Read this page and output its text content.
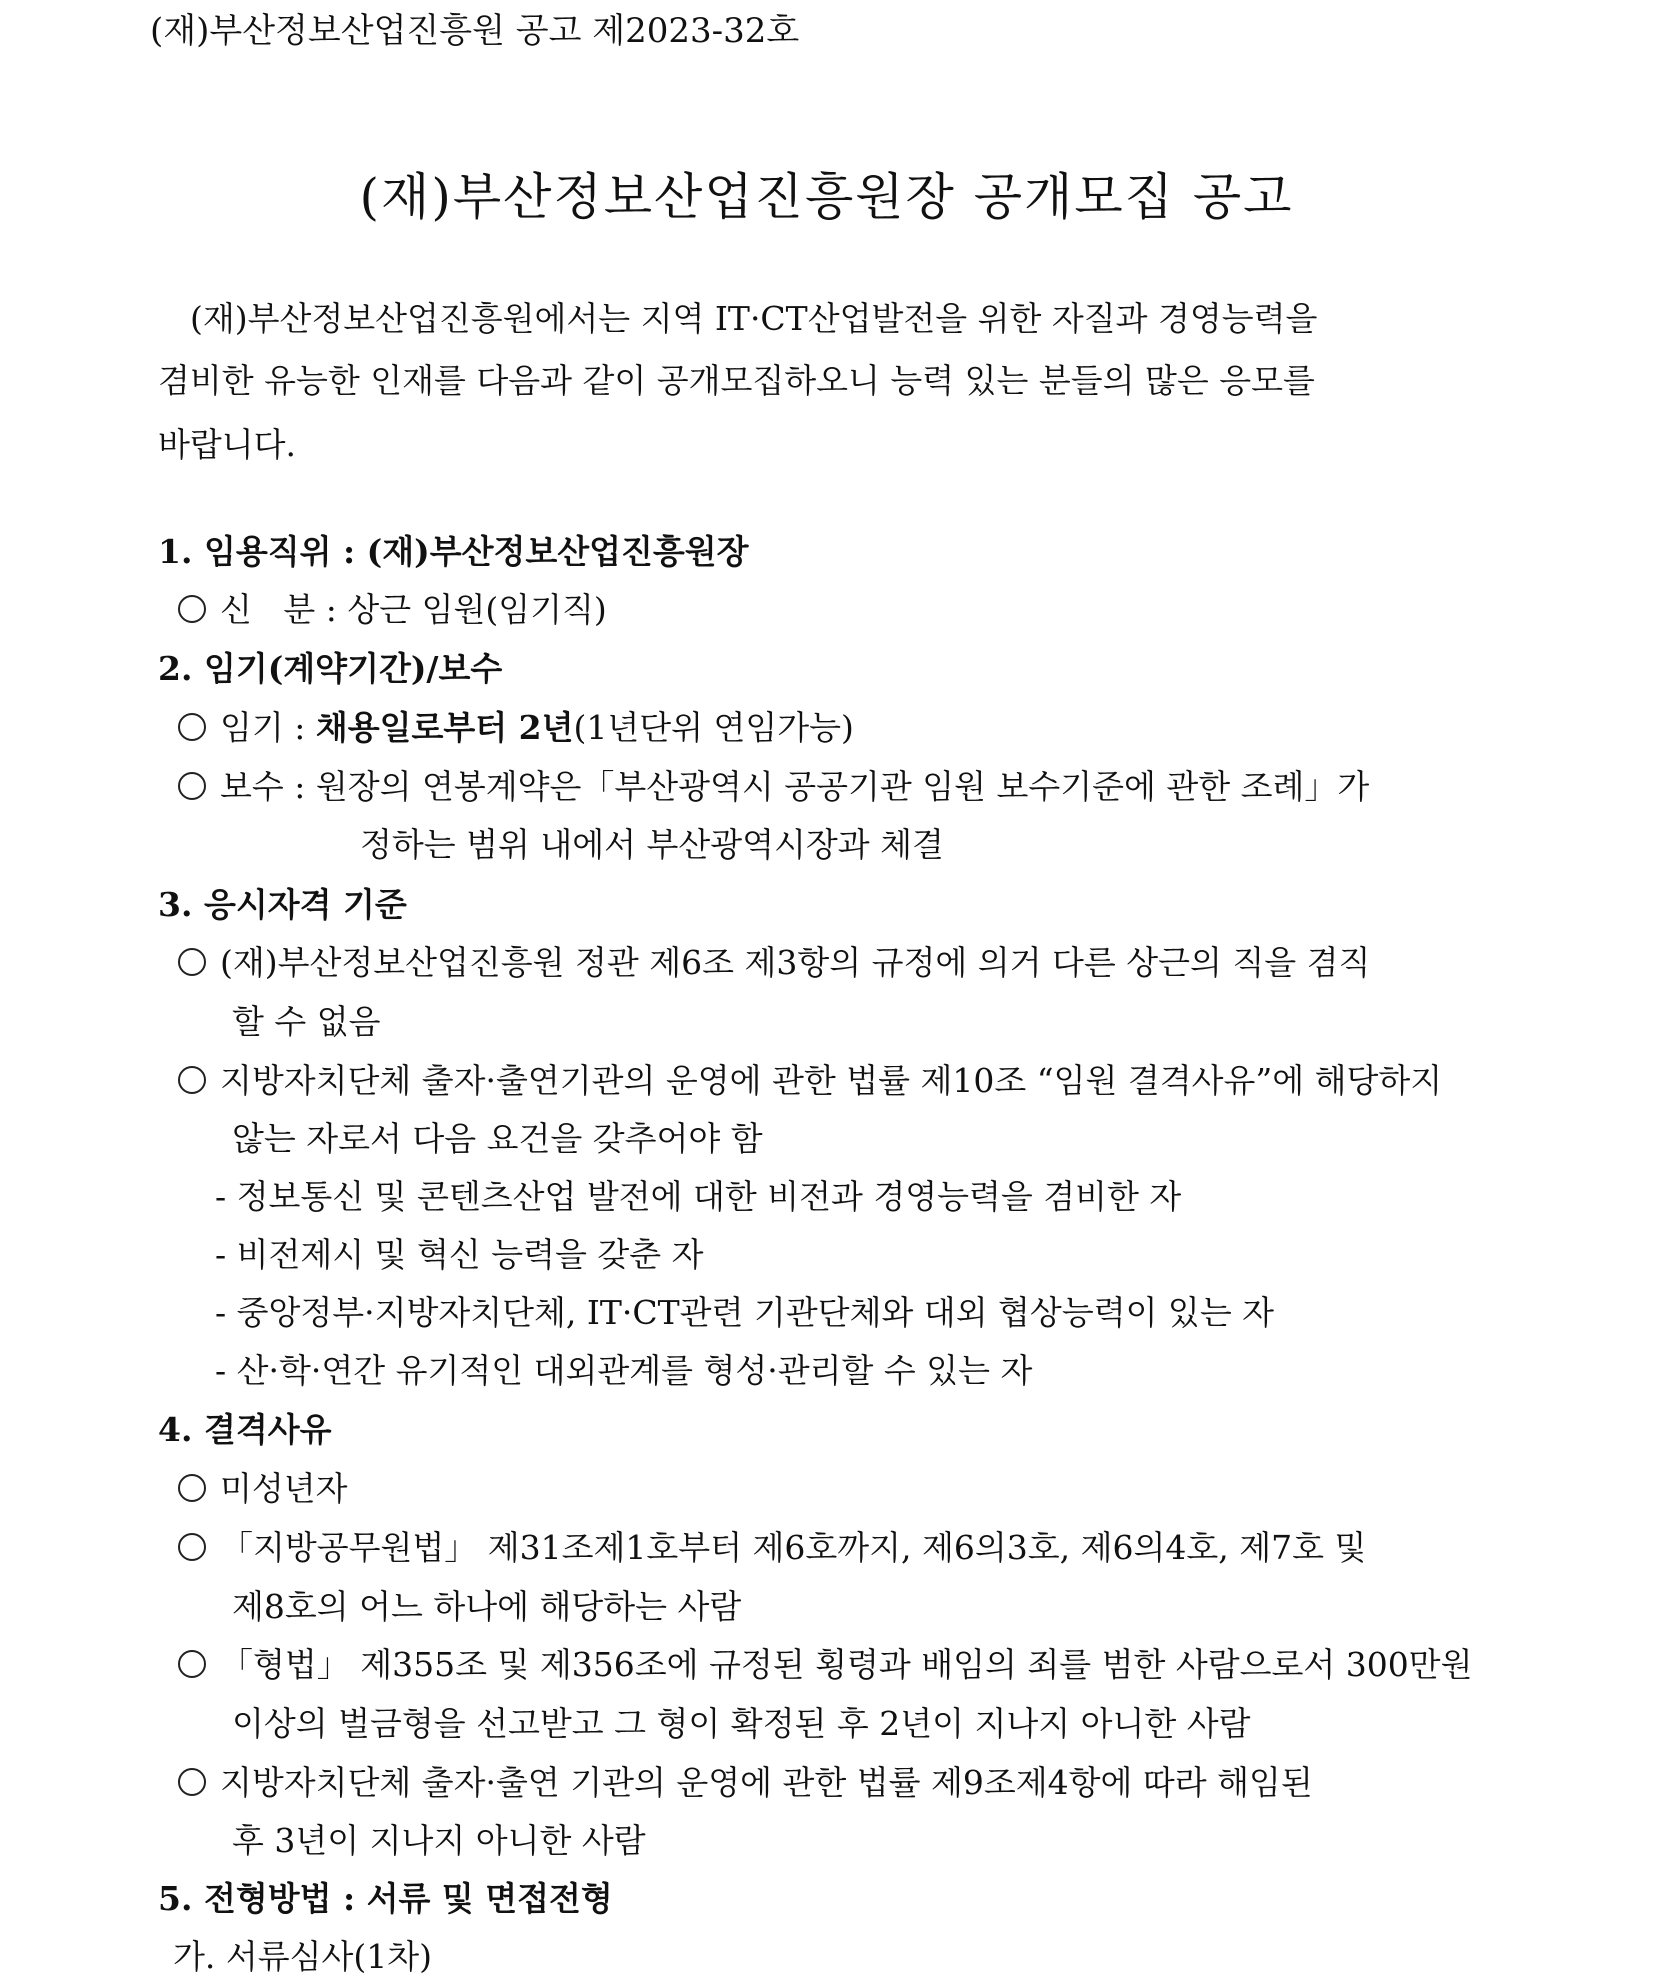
(재)부산정보산업진흥원 공고 제2023-32호
(재)부산정보산업진흥원장 공개모집 공고
(재)부산정보산업진흥원에서는 지역 IT·CT산업발전을 위한 자질과 경영능력을
겸비한 유능한 인재를 다음과 같이 공개모집하오니 능력 있는 분들의 많은 응모를
바랍니다.
1. 임용직위 : (재)부산정보산업진흥원장
신   분 : 상근 임원(임기직)
2. 임기(계약기간)/보수
임기 : 채용일로부터 2년(1년단위 연임가능)
보수 : 원장의 연봉계약은「부산광역시 공공기관 임원 보수기준에 관한 조례」가
정하는 범위 내에서 부산광역시장과 체결
3. 응시자격 기준
(재)부산정보산업진흥원 정관 제6조 제3항의 규정에 의거 다른 상근의 직을 겸직
할 수 없음
지방자치단체 출자·출연기관의 운영에 관한 법률 제10조 “임원 결격사유”에 해당하지
않는 자로서 다음 요건을 갖추어야 함
- 정보통신 및 콘텐츠산업 발전에 대한 비전과 경영능력을 겸비한 자
- 비전제시 및 혁신 능력을 갖춘 자
- 중앙정부·지방자치단체, IT·CT관련 기관단체와 대외 협상능력이 있는 자
- 산·학·연간 유기적인 대외관계를 형성·관리할 수 있는 자
4. 결격사유
미성년자
「지방공무원법」 제31조제1호부터 제6호까지, 제6의3호, 제6의4호, 제7호 및
제8호의 어느 하나에 해당하는 사람
「형법」 제355조 및 제356조에 규정된 횡령과 배임의 죄를 범한 사람으로서 300만원
이상의 벌금형을 선고받고 그 형이 확정된 후 2년이 지나지 아니한 사람
지방자치단체 출자·출연 기관의 운영에 관한 법률 제9조제4항에 따라 해임된
후 3년이 지나지 아니한 사람
5. 전형방법 : 서류 및 면접전형
가. 서류심사(1차)
